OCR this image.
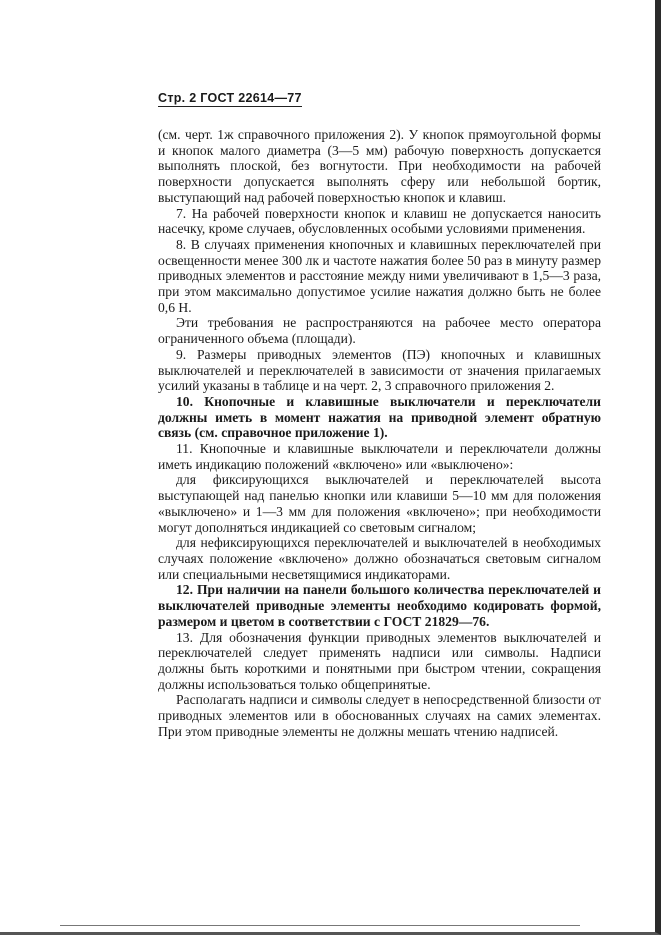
Стр. 2 ГОСТ 22614—77

(см. черт. 1ж справочного приложения 2). У кнопок прямоугольной формы и кнопок малого диаметра (3—5 мм) рабочую поверхность допускается выполнять плоской, без вогнутости. При необходимости на рабочей поверхности допускается выполнять сферу или небольшой бортик, выступающий над рабочей поверхностью кнопок и клавиш.

7. На рабочей поверхности кнопок и клавиш не допускается наносить насечку, кроме случаев, обусловленных особыми условиями применения.

8. В случаях применения кнопочных и клавишных переключателей при освещенности менее 300 лк и частоте нажатия более 50 раз в минуту размер приводных элементов и расстояние между ними увеличивают в 1,5—3 раза, при этом максимально допустимое усилие нажатия должно быть не более 0,6 Н.

Эти требования не распространяются на рабочее место оператора ограниченного объема (площади).

9. Размеры приводных элементов (ПЭ) кнопочных и клавишных выключателей и переключателей в зависимости от значения прилагаемых усилий указаны в таблице и на черт. 2, 3 справочного приложения 2.

10. Кнопочные и клавишные выключатели и переключатели должны иметь в момент нажатия на приводной элемент обратную связь (см. справочное приложение 1).

11. Кнопочные и клавишные выключатели и переключатели должны иметь индикацию положений «включено» или «выключено»:

для фиксирующихся выключателей и переключателей высота выступающей над панелью кнопки или клавиши 5—10 мм для положения «выключено» и 1—3 мм для положения «включено»; при необходимости могут дополняться индикацией со световым сигналом;

для нефиксирующихся переключателей и выключателей в необходимых случаях положение «включено» должно обозначаться световым сигналом или специальными несветящимися индикаторами.

12. При наличии на панели большого количества переключателей и выключателей приводные элементы необходимо кодировать формой, размером и цветом в соответствии с ГОСТ 21829—76.

13. Для обозначения функции приводных элементов выключателей и переключателей следует применять надписи или символы. Надписи должны быть короткими и понятными при быстром чтении, сокращения должны использоваться только общепринятые.

Располагать надписи и символы следует в непосредственной близости от приводных элементов или в обоснованных случаях на самих элементах. При этом приводные элементы не должны мешать чтению надписей.
